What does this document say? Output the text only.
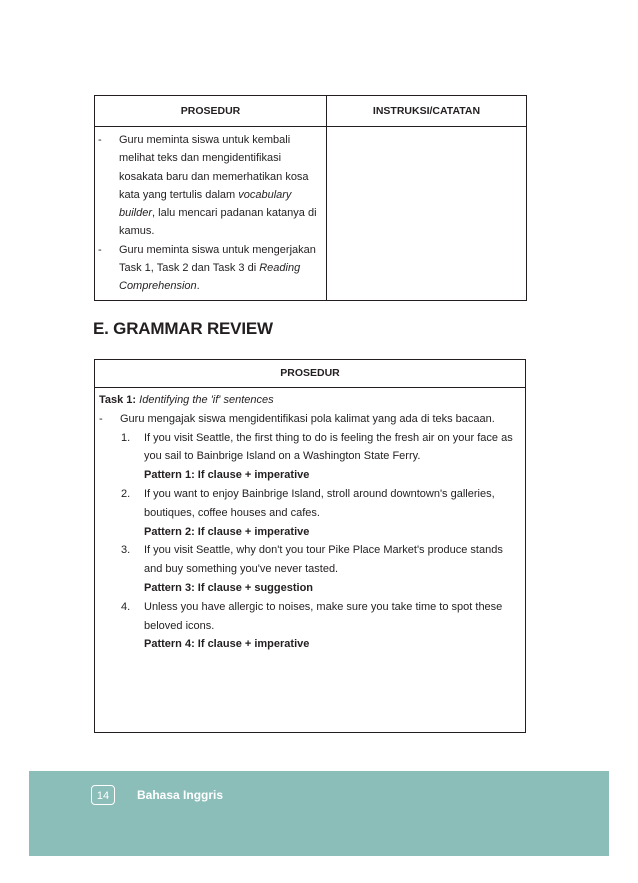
PROSEDUR	INSTRUKSI/CATATAN

- Guru meminta siswa untuk kembali melihat teks dan mengidentifikasi kosakata baru dan memerhatikan kosa kata yang tertulis dalam vocabulary builder, lalu mencari padanan katanya di kamus.
- Guru meminta siswa untuk mengerjakan Task 1, Task 2 dan Task 3 di Reading Comprehension.	

E. GRAMMAR REVIEW
PROSEDUR
Task 1: Identifying the 'if' sentences
-	Guru mengajak siswa mengidentifikasi pola kalimat yang ada di teks bacaan.
1.	If you visit Seattle, the first thing to do is feeling the fresh air on your face as you sail to Bainbrige Island on a Washington State Ferry.
Pattern 1: If clause + imperative
2.	If you want to enjoy Bainbrige Island, stroll around downtown's galleries, boutiques, coffee houses and cafes.
Pattern 2: If clause + imperative
3.	If you visit Seattle, why don't you tour Pike Place Market's produce stands and buy something you've never tasted.
Pattern 3: If clause + suggestion
4.	Unless you have allergic to noises, make sure you take time to spot these beloved icons.
Pattern 4: If clause + imperative
14	Bahasa Inggris
